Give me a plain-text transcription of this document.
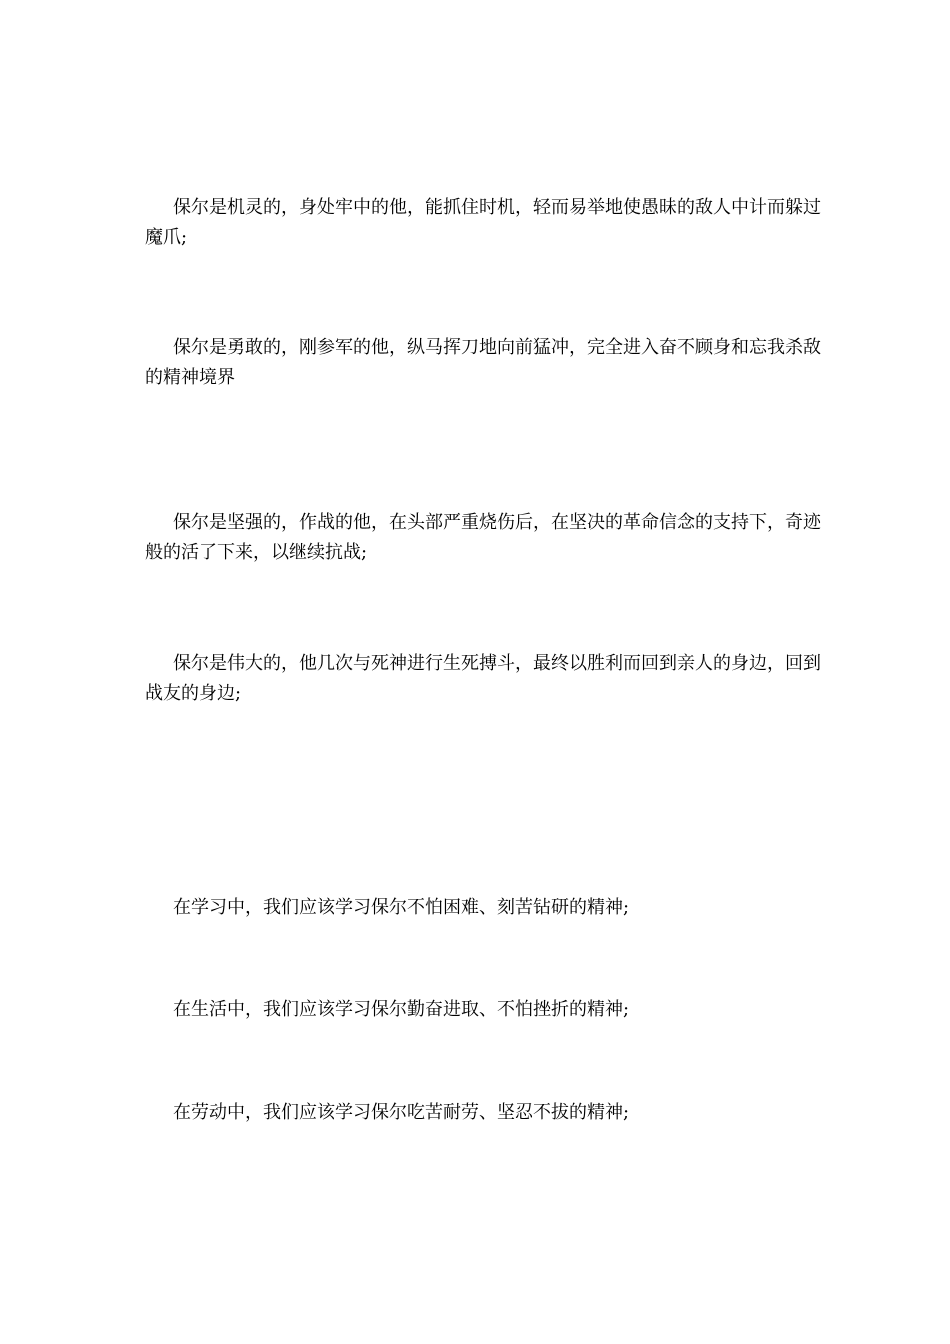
保尔是机灵的，身处牢中的他，能抓住时机，轻而易举地使愚昧的敌人中计而躲过魔爪;

保尔是勇敢的，刚参军的他，纵马挥刀地向前猛冲，完全进入奋不顾身和忘我杀敌的精神境界

保尔是坚强的，作战的他，在头部严重烧伤后，在坚决的革命信念的支持下，奇迹般的活了下来，以继续抗战;

保尔是伟大的，他几次与死神进行生死搏斗，最终以胜利而回到亲人的身边，回到战友的身边;

在学习中，我们应该学习保尔不怕困难、刻苦钻研的精神;

在生活中，我们应该学习保尔勤奋进取、不怕挫折的精神;

在劳动中，我们应该学习保尔吃苦耐劳、坚忍不拔的精神;
